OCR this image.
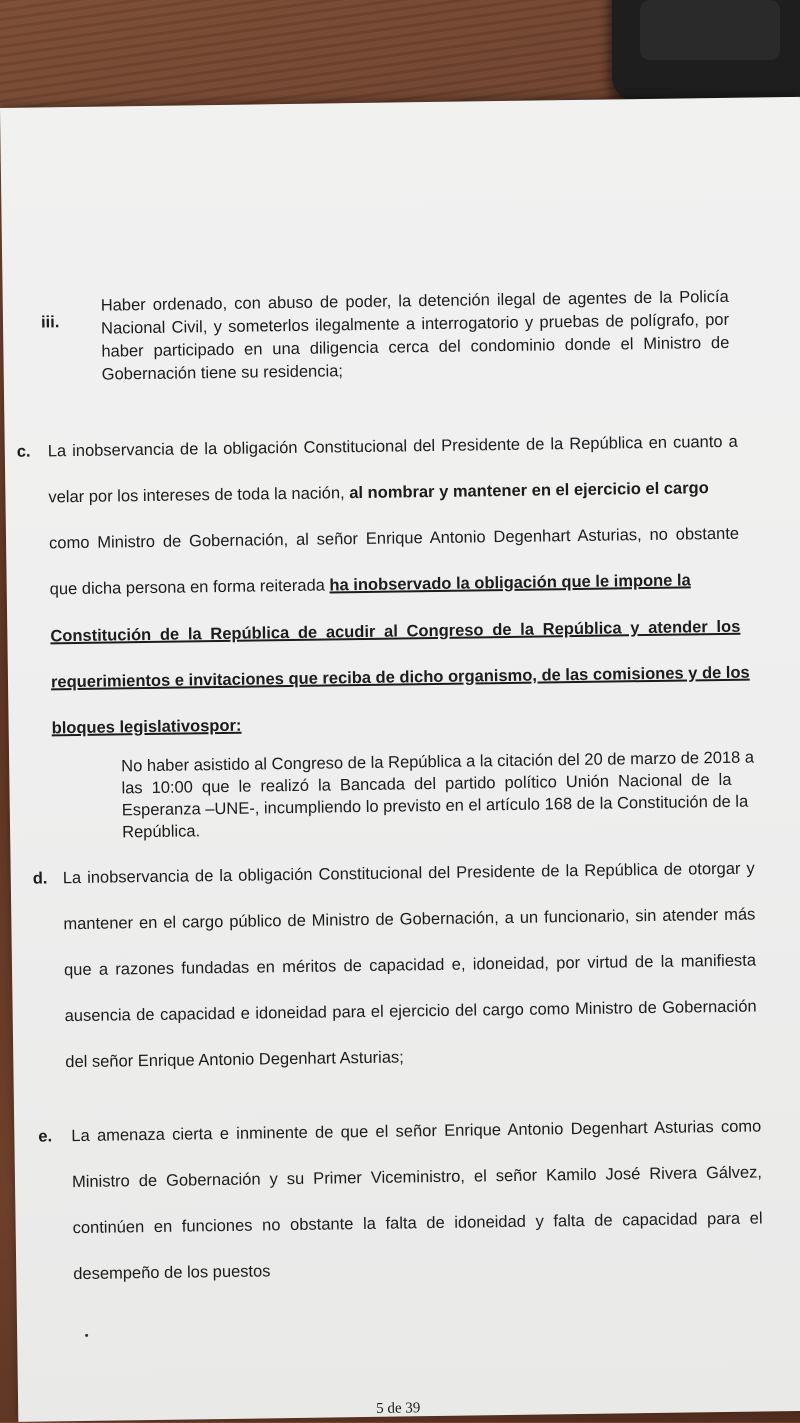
iii.
Haber ordenado, con abuso de poder, la detención ilegal de agentes de la Policía
Nacional Civil, y someterlos ilegalmente a interrogatorio y pruebas de polígrafo, por
haber participado en una diligencia cerca del condominio donde el Ministro de
Gobernación tiene su residencia;
c. La inobservancia de la obligación Constitucional del Presidente de la República en cuanto a
velar por los intereses de toda la nación, al nombrar y mantener en el ejercicio el cargo
como Ministro de Gobernación, al señor Enrique Antonio Degenhart Asturias, no obstante
que dicha persona en forma reiterada ha inobservado la obligación que le impone la
Constitución de la República de acudir al Congreso de la República y atender los
requerimientos e invitaciones que reciba de dicho organismo, de las comisiones y de los
bloques legislativospor:
No haber asistido al Congreso de la República a la citación del 20 de marzo de 2018 a
las 10:00 que le realizó la Bancada del partido político Unión Nacional de la
Esperanza –UNE-, incumpliendo lo previsto en el artículo 168 de la Constitución de la
República.
d. La inobservancia de la obligación Constitucional del Presidente de la República de otorgar y
mantener en el cargo público de Ministro de Gobernación, a un funcionario, sin atender más
que a razones fundadas en méritos de capacidad e, idoneidad, por virtud de la manifiesta
ausencia de capacidad e idoneidad para el ejercicio del cargo como Ministro de Gobernación
del señor Enrique Antonio Degenhart Asturias;
e. La amenaza cierta e inminente de que el señor Enrique Antonio Degenhart Asturias como
Ministro de Gobernación y su Primer Viceministro, el señor Kamilo José Rivera Gálvez,
continúen en funciones no obstante la falta de idoneidad y falta de capacidad para el
desempeño de los puestos
5 de 39
